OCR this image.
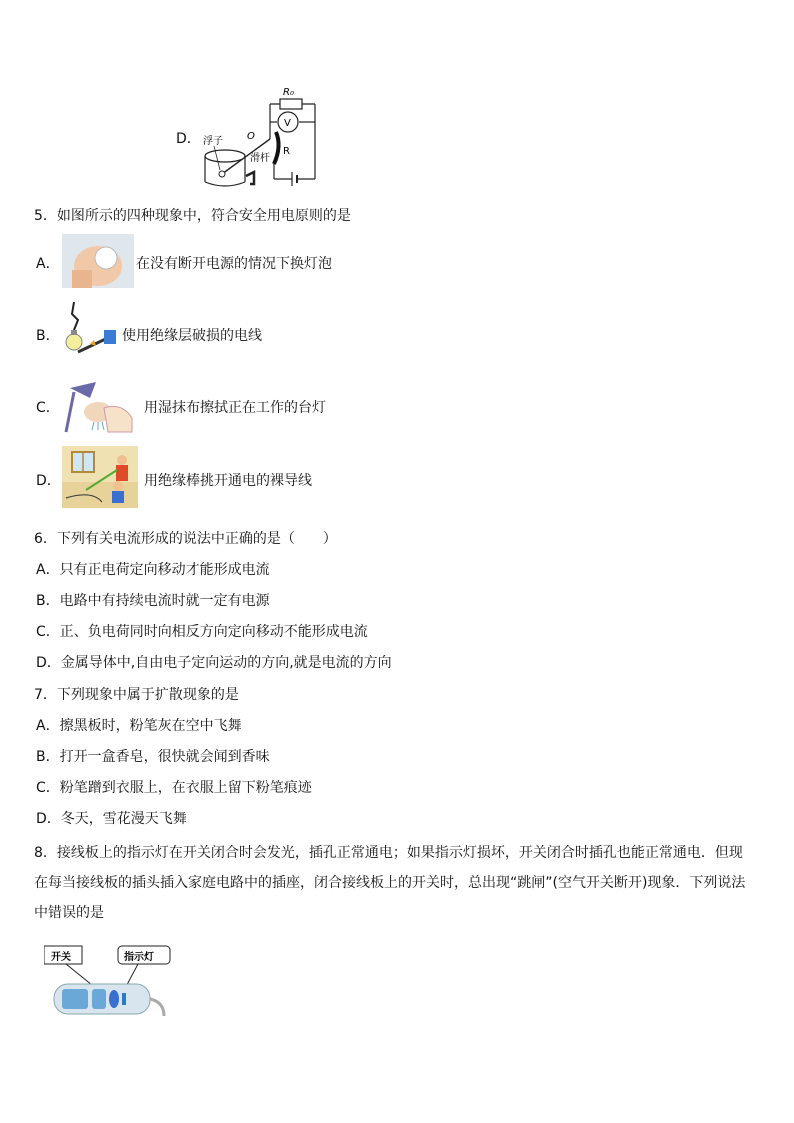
D．
R₀
V
O
R
滑杆
浮子
5．如图所示的四种现象中，符合安全用电原则的是
A．	在没有断开电源的情况下换灯泡
B．	使用绝缘层破损的电线
C．	用湿抹布擦拭正在工作的台灯
D．	用绝缘棒挑开通电的裸导线
6．下列有关电流形成的说法中正确的是（　　）
A．只有正电荷定向移动才能形成电流
B．电路中有持续电流时就一定有电源
C．正、负电荷同时向相反方向定向移动不能形成电流
D．金属导体中,自由电子定向运动的方向,就是电流的方向
7．下列现象中属于扩散现象的是
A．擦黑板时，粉笔灰在空中飞舞
B．打开一盒香皂，很快就会闻到香味
C．粉笔蹭到衣服上，在衣服上留下粉笔痕迹
D．冬天，雪花漫天飞舞
8．接线板上的指示灯在开关闭合时会发光，插孔正常通电；如果指示灯损坏，开关闭合时插孔也能正常通电．但现在每当接线板的插头插入家庭电路中的插座，闭合接线板上的开关时，总出现“跳闸”(空气开关断开)现象．下列说法中错误的是
开关	指示灯
